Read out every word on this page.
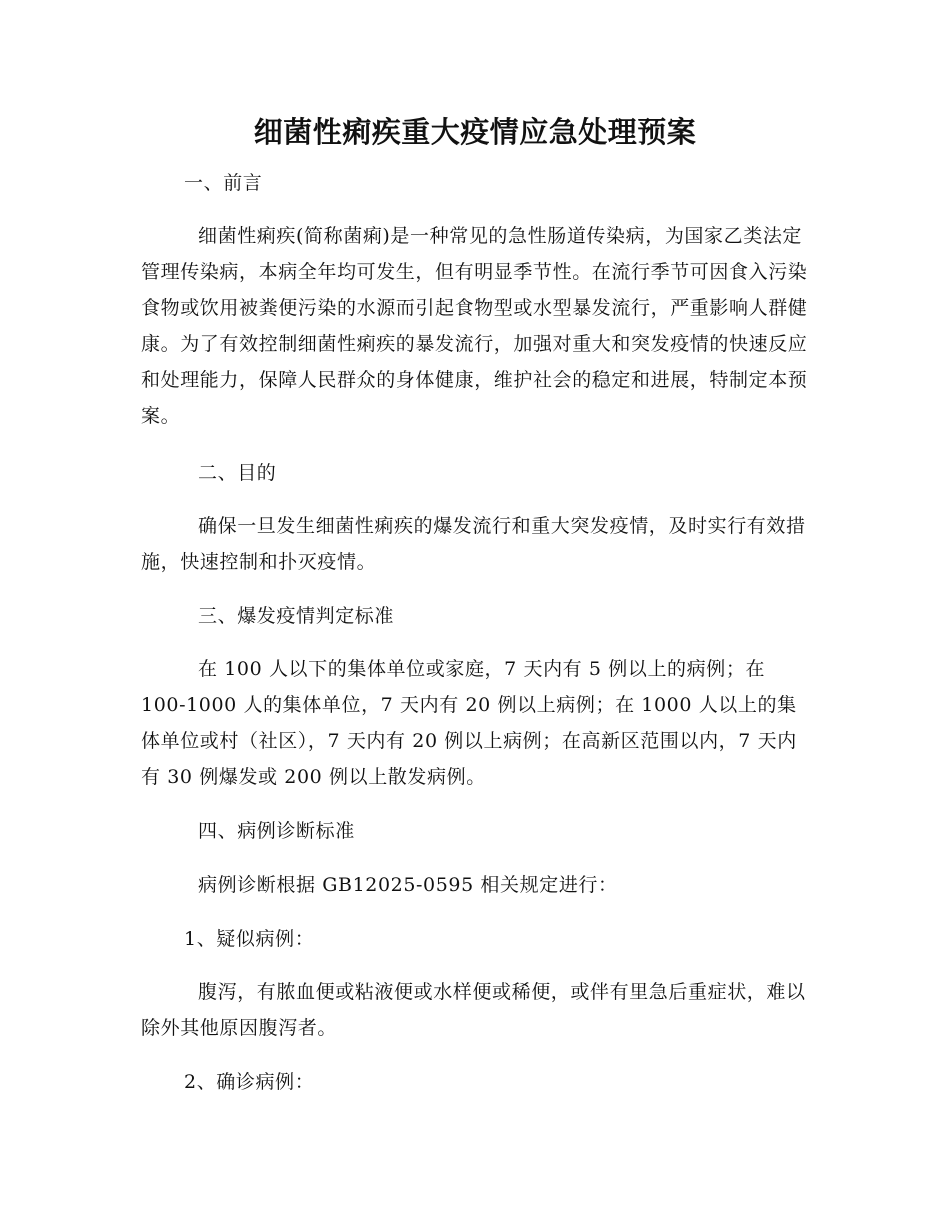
细菌性痢疾重大疫情应急处理预案
一、前言
细菌性痢疾(简称菌痢)是一种常见的急性肠道传染病，为国家乙类法定管理传染病，本病全年均可发生，但有明显季节性。在流行季节可因食入污染食物或饮用被粪便污染的水源而引起食物型或水型暴发流行，严重影响人群健康。为了有效控制细菌性痢疾的暴发流行，加强对重大和突发疫情的快速反应和处理能力，保障人民群众的身体健康，维护社会的稳定和进展，特制定本预案。
二、目的
确保一旦发生细菌性痢疾的爆发流行和重大突发疫情，及时实行有效措施，快速控制和扑灭疫情。
三、爆发疫情判定标准
在 100 人以下的集体单位或家庭，7 天内有 5 例以上的病例；在 100-1000 人的集体单位，7 天内有 20 例以上病例；在 1000 人以上的集体单位或村（社区），7 天内有 20 例以上病例；在高新区范围以内，7 天内有 30 例爆发或 200 例以上散发病例。
四、病例诊断标准
病例诊断根据 GB12025-0595 相关规定进行：
1、疑似病例：
腹泻，有脓血便或粘液便或水样便或稀便，或伴有里急后重症状，难以除外其他原因腹泻者。
2、确诊病例：
